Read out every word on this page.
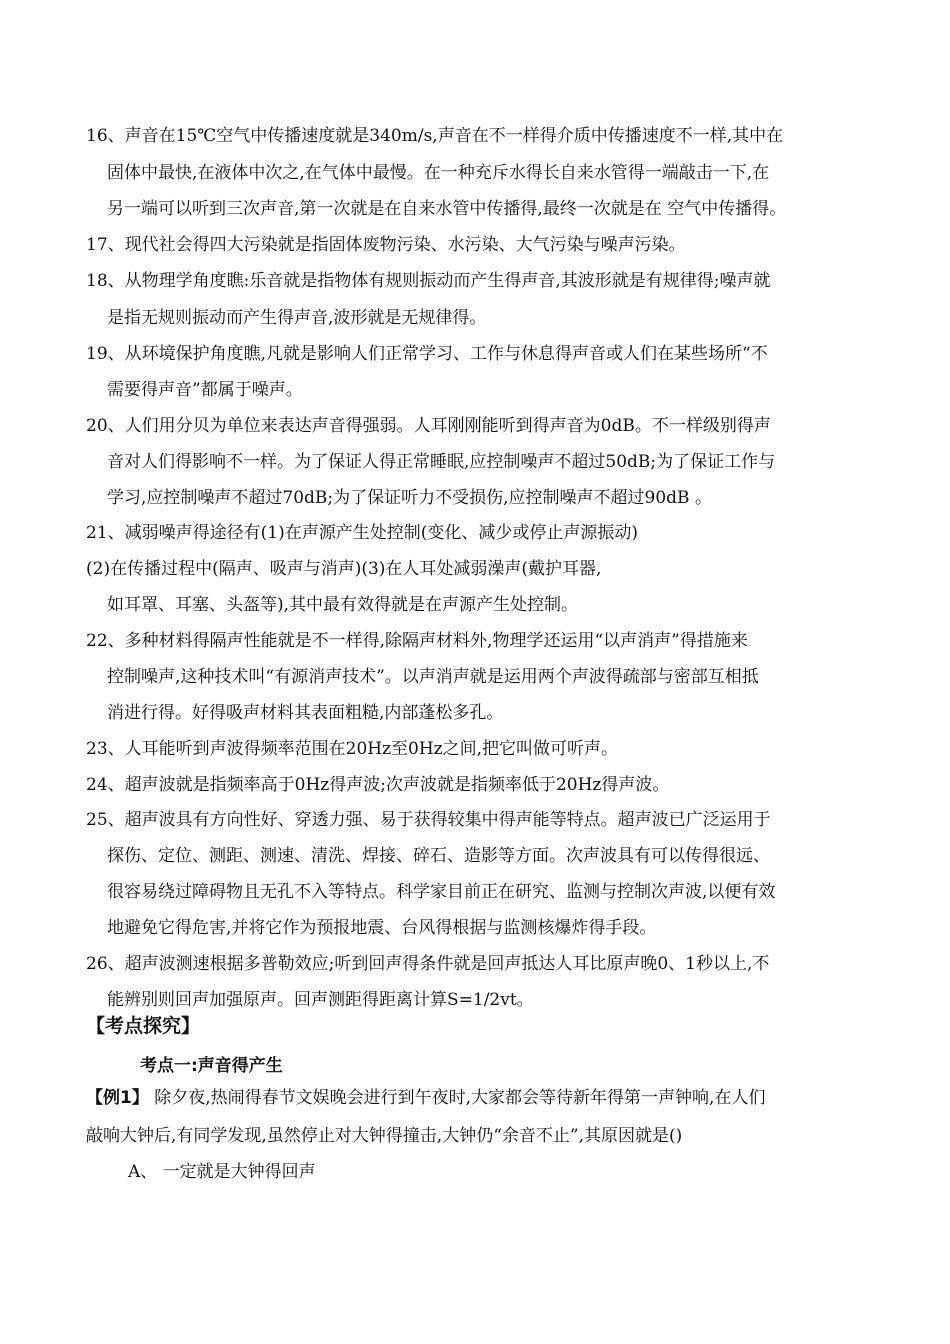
16、声音在15℃空气中传播速度就是340m/s,声音在不一样得介质中传播速度不一样,其中在
固体中最快,在液体中次之,在气体中最慢。在一种充斥水得长自来水管得一端敲击一下,在
另一端可以听到三次声音,第一次就是在自来水管中传播得,最终一次就是在 空气中传播得。
17、现代社会得四大污染就是指固体废物污染、水污染、大气污染与噪声污染。
18、从物理学角度瞧:乐音就是指物体有规则振动而产生得声音,其波形就是有规律得;噪声就
是指无规则振动而产生得声音,波形就是无规律得。
19、从环境保护角度瞧,凡就是影响人们正常学习、工作与休息得声音或人们在某些场所“不
需要得声音”都属于噪声。
20、人们用分贝为单位来表达声音得强弱。人耳刚刚能听到得声音为0dB。不一样级别得声
音对人们得影响不一样。为了保证人得正常睡眠,应控制噪声不超过50dB;为了保证工作与
学习,应控制噪声不超过70dB;为了保证听力不受损伤,应控制噪声不超过90dB 。
21、减弱噪声得途径有(1)在声源产生处控制(变化、减少或停止声源振动)
(2)在传播过程中(隔声、吸声与消声)(3)在人耳处减弱澡声(戴护耳器,
如耳罩、耳塞、头盔等),其中最有效得就是在声源产生处控制。
22、多种材料得隔声性能就是不一样得,除隔声材料外,物理学还运用“以声消声”得措施来
控制噪声,这种技术叫“有源消声技术”。以声消声就是运用两个声波得疏部与密部互相抵
消进行得。好得吸声材料其表面粗糙,内部蓬松多孔。
23、人耳能听到声波得频率范围在20Hz至0Hz之间,把它叫做可听声。
24、超声波就是指频率高于0Hz得声波;次声波就是指频率低于20Hz得声波。
25、超声波具有方向性好、穿透力强、易于获得较集中得声能等特点。超声波已广泛运用于
探伤、定位、测距、测速、清洗、焊接、碎石、造影等方面。次声波具有可以传得很远、
很容易绕过障碍物且无孔不入等特点。科学家目前正在研究、监测与控制次声波,以便有效
地避免它得危害,并将它作为预报地震、台风得根据与监测核爆炸得手段。
26、超声波测速根据多普勒效应;听到回声得条件就是回声抵达人耳比原声晚0、1秒以上,不
能辨别则回声加强原声。回声测距得距离计算S=1/2vt。
【考点探究】
考点一:声音得产生
【例1】 除夕夜,热闹得春节文娱晚会进行到午夜时,大家都会等待新年得第一声钟响,在人们
敲响大钟后,有同学发现,虽然停止对大钟得撞击,大钟仍“余音不止”,其原因就是()
A、 一定就是大钟得回声
